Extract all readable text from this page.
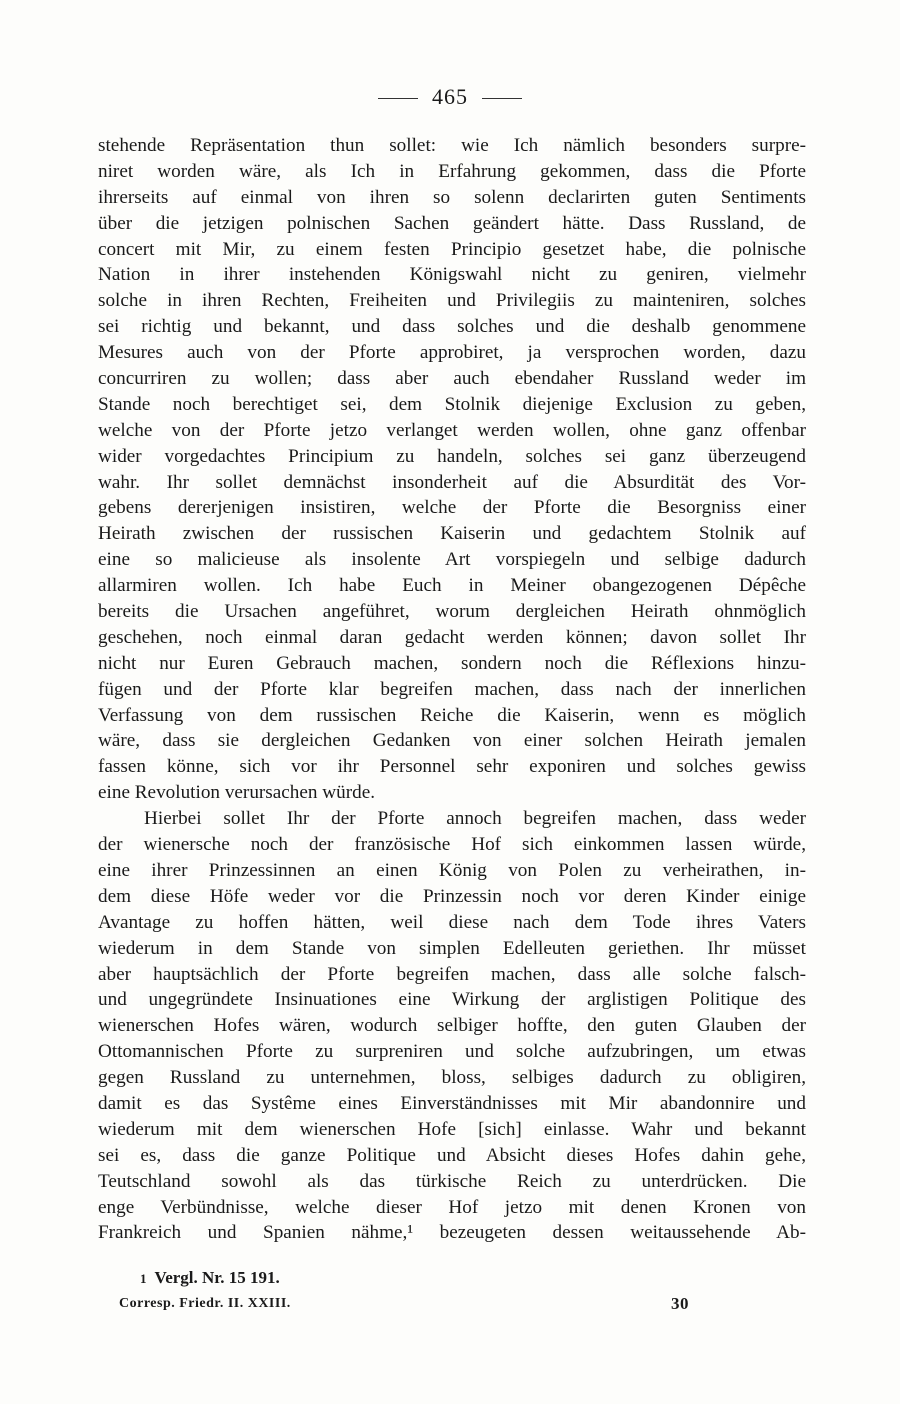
465
stehende Repräsentation thun sollet: wie Ich nämlich besonders surpre-
niret worden wäre, als Ich in Erfahrung gekommen, dass die Pforte
ihrerseits auf einmal von ihren so solenn declarirten guten Sentiments
über die jetzigen polnischen Sachen geändert hätte. Dass Russland, de
concert mit Mir, zu einem festen Principio gesetzet habe, die polnische
Nation in ihrer instehenden Königswahl nicht zu geniren, vielmehr
solche in ihren Rechten, Freiheiten und Privilegiis zu mainteniren, solches
sei richtig und bekannt, und dass solches und die deshalb genommene
Mesures auch von der Pforte approbiret, ja versprochen worden, dazu
concurriren zu wollen; dass aber auch ebendaher Russland weder im
Stande noch berechtiget sei, dem Stolnik diejenige Exclusion zu geben,
welche von der Pforte jetzo verlanget werden wollen, ohne ganz offenbar
wider vorgedachtes Principium zu handeln, solches sei ganz überzeugend
wahr. Ihr sollet demnächst insonderheit auf die Absurdität des Vor-
gebens dererjenigen insistiren, welche der Pforte die Besorgniss einer
Heirath zwischen der russischen Kaiserin und gedachtem Stolnik auf
eine so malicieuse als insolente Art vorspiegeln und selbige dadurch
allarmiren wollen. Ich habe Euch in Meiner obangezogenen Dépêche
bereits die Ursachen angeführet, worum dergleichen Heirath ohnmöglich
geschehen, noch einmal daran gedacht werden können; davon sollet Ihr
nicht nur Euren Gebrauch machen, sondern noch die Réflexions hinzu-
fügen und der Pforte klar begreifen machen, dass nach der innerlichen
Verfassung von dem russischen Reiche die Kaiserin, wenn es möglich
wäre, dass sie dergleichen Gedanken von einer solchen Heirath jemalen
fassen könne, sich vor ihr Personnel sehr exponiren und solches gewiss
eine Revolution verursachen würde.
Hierbei sollet Ihr der Pforte annoch begreifen machen, dass weder
der wienersche noch der französische Hof sich einkommen lassen würde,
eine ihrer Prinzessinnen an einen König von Polen zu verheirathen, in-
dem diese Höfe weder vor die Prinzessin noch vor deren Kinder einige
Avantage zu hoffen hätten, weil diese nach dem Tode ihres Vaters
wiederum in dem Stande von simplen Edelleuten geriethen. Ihr müsset
aber hauptsächlich der Pforte begreifen machen, dass alle solche falsch-
und ungegründete Insinuationes eine Wirkung der arglistigen Politique des
wienerschen Hofes wären, wodurch selbiger hoffte, den guten Glauben der
Ottomannischen Pforte zu surpreniren und solche aufzubringen, um etwas
gegen Russland zu unternehmen, bloss, selbiges dadurch zu obligiren,
damit es das Systême eines Einverständnisses mit Mir abandonnire und
wiederum mit dem wienerschen Hofe [sich] einlasse. Wahr und bekannt
sei es, dass die ganze Politique und Absicht dieses Hofes dahin gehe,
Teutschland sowohl als das türkische Reich zu unterdrücken. Die
enge Verbündnisse, welche dieser Hof jetzo mit denen Kronen von
Frankreich und Spanien nähme,¹ bezeugeten dessen weitaussehende Ab-
1 Vergl. Nr. 15 191.
Corresp. Friedr. II. XXIII.	30
